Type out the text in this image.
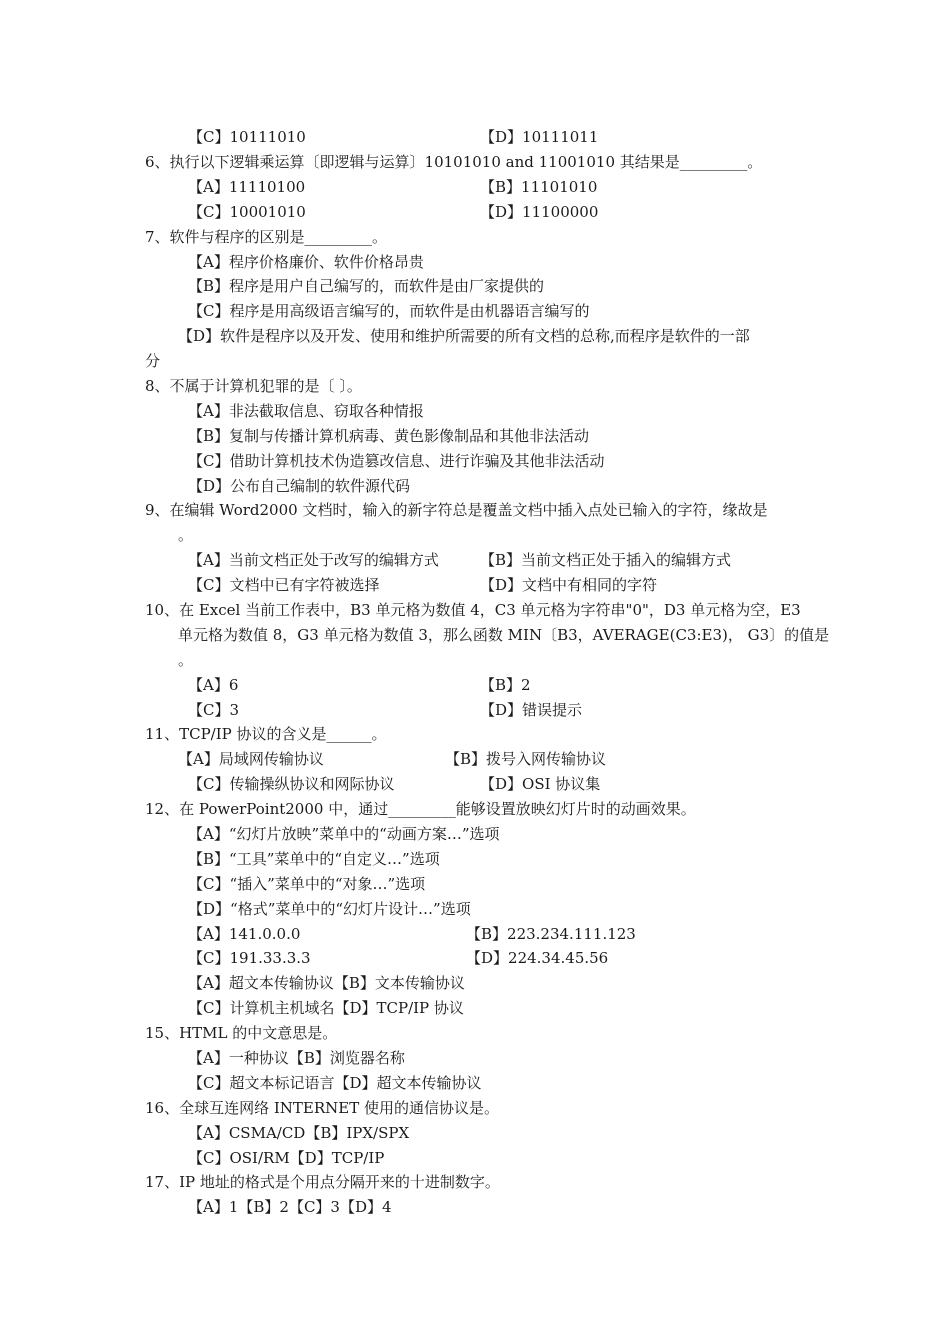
【C】10111010	【D】10111011
6、执行以下逻辑乘运算〔即逻辑与运算〕10101010 and 11001010 其结果是_________。
【A】11110100	【B】11101010
【C】10001010	【D】11100000
7、软件与程序的区别是_________。
【A】程序价格廉价、软件价格昂贵
【B】程序是用户自己编写的，而软件是由厂家提供的
【C】程序是用高级语言编写的，而软件是由机器语言编写的
【D】软件是程序以及开发、使用和维护所需要的所有文档的总称,而程序是软件的一部
分
8、不属于计算机犯罪的是〔 〕。
【A】非法截取信息、窃取各种情报
【B】复制与传播计算机病毒、黄色影像制品和其他非法活动
【C】借助计算机技术伪造篡改信息、进行诈骗及其他非法活动
【D】公布自己编制的软件源代码
9、在编辑 Word2000 文档时，输入的新字符总是覆盖文档中插入点处已输入的字符，缘故是
。
【A】当前文档正处于改写的编辑方式	【B】当前文档正处于插入的编辑方式
【C】文档中已有字符被选择	【D】文档中有相同的字符
10、在 Excel 当前工作表中，B3 单元格为数值 4，C3 单元格为字符串"0"，D3 单元格为空，E3
单元格为数值 8，G3 单元格为数值 3，那么函数 MIN〔B3，AVERAGE(C3:E3)， G3〕的值是
。
【A】6	【B】2
【C】3	【D】错误提示
11、TCP/IP 协议的含义是______。
【A】局域网传输协议	【B】拨号入网传输协议
【C】传输操纵协议和网际协议	【D】OSI 协议集
12、在 PowerPoint2000 中，通过_________能够设置放映幻灯片时的动画效果。
【A】“幻灯片放映”菜单中的“动画方案…”选项
【B】“工具”菜单中的“自定义…”选项
【C】“插入”菜单中的“对象…”选项
【D】“格式”菜单中的“幻灯片设计…”选项
【A】141.0.0.0	【B】223.234.111.123
【C】191.33.3.3	【D】224.34.45.56
【A】超文本传输协议【B】文本传输协议
【C】计算机主机域名【D】TCP/IP 协议
15、HTML 的中文意思是。
【A】一种协议【B】浏览器名称
【C】超文本标记语言【D】超文本传输协议
16、全球互连网络 INTERNET 使用的通信协议是。
【A】CSMA/CD【B】IPX/SPX
【C】OSI/RM【D】TCP/IP
17、IP 地址的格式是个用点分隔开来的十进制数字。
【A】1【B】2【C】3【D】4
